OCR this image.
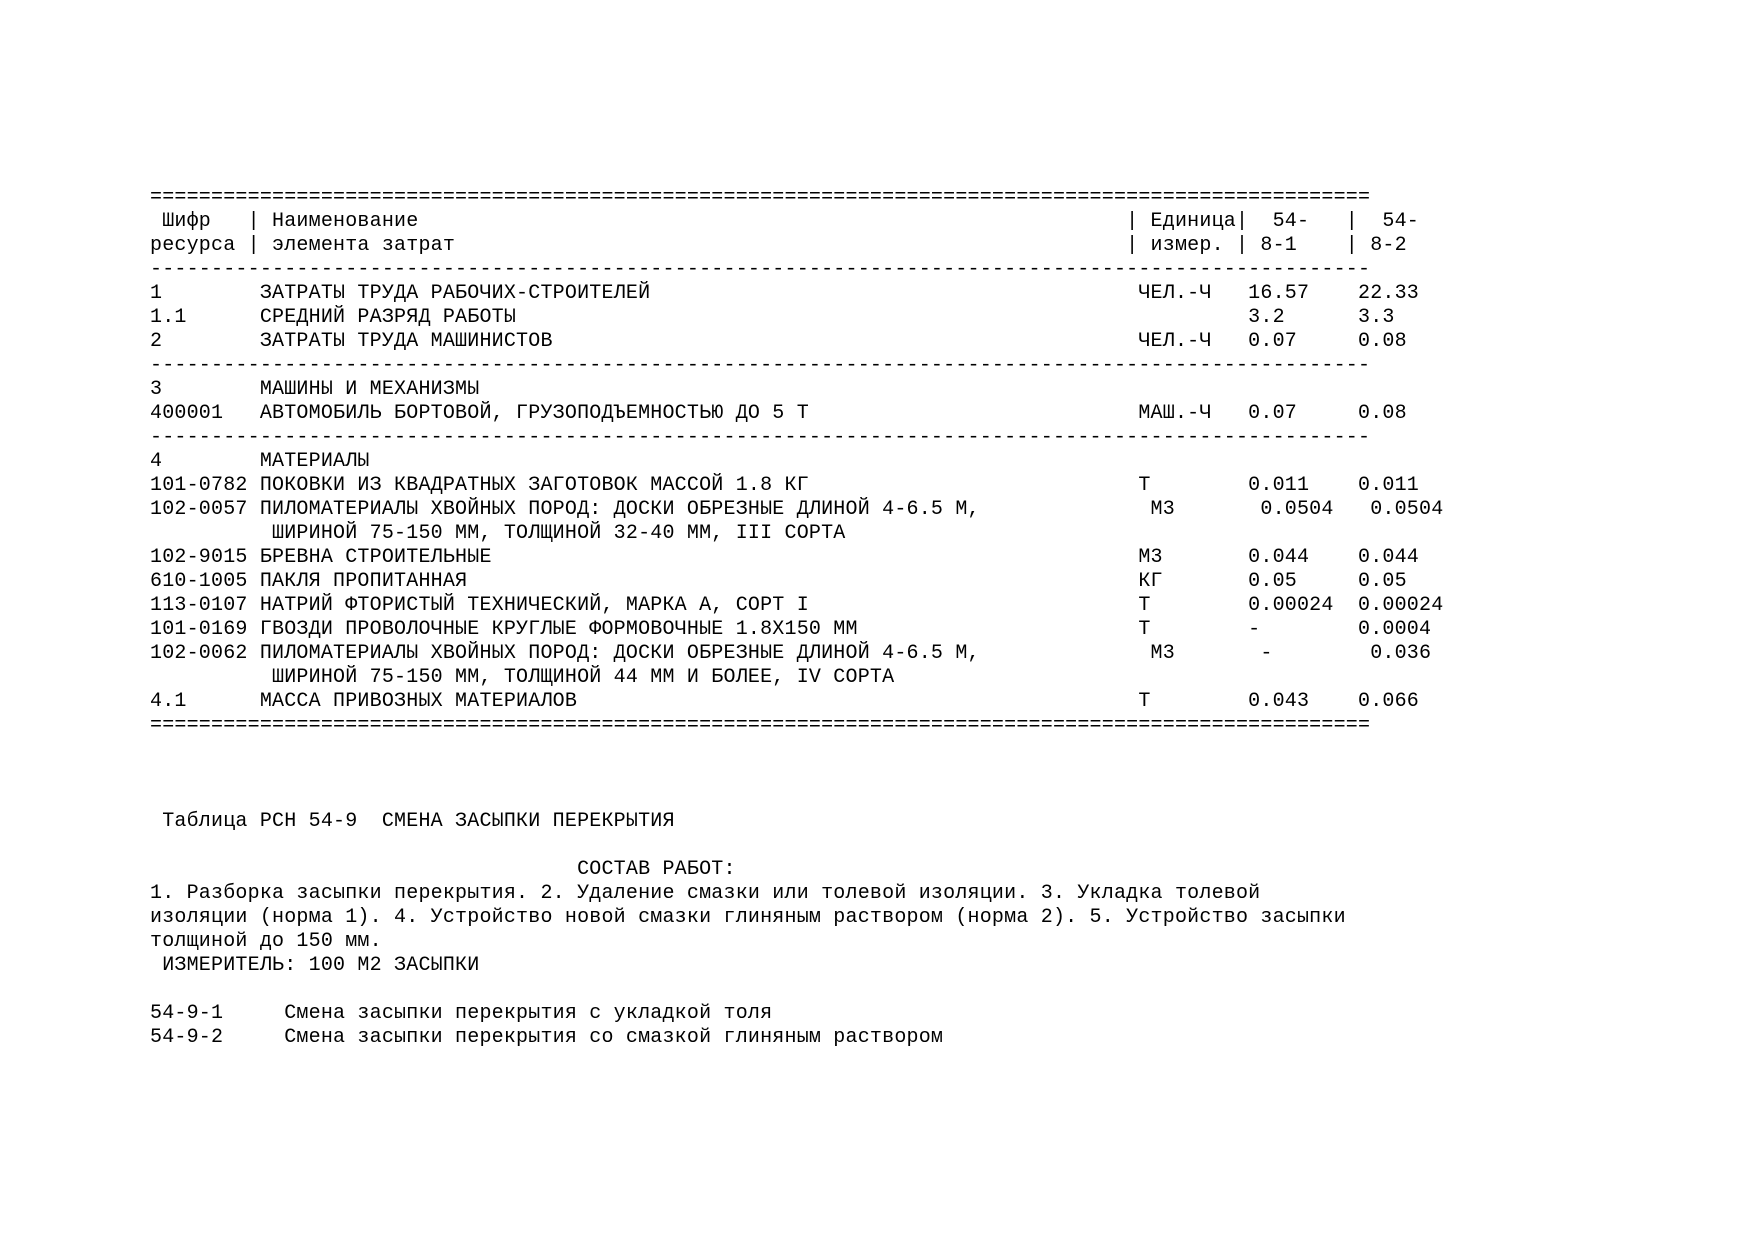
====================================================================================================
Шифр   | Наименование                                                          | Единица|  54-   |  54-
ресурса | элемента затрат                                                       | измер. | 8-1    | 8-2
----------------------------------------------------------------------------------------------------
1        ЗАТРАТЫ ТРУДА РАБОЧИХ-СТРОИТЕЛЕЙ                                        ЧЕЛ.-Ч   16.57    22.33
1.1      СРЕДНИЙ РАЗРЯД РАБОТЫ                                                            3.2      3.3
2        ЗАТРАТЫ ТРУДА МАШИНИСТОВ                                                ЧЕЛ.-Ч   0.07     0.08
----------------------------------------------------------------------------------------------------
3        МАШИНЫ И МЕХАНИЗМЫ
400001   АВТОМОБИЛЬ БОРТОВОЙ, ГРУЗОПОДЪЕМНОСТЬЮ ДО 5 Т                           МАШ.-Ч   0.07     0.08
----------------------------------------------------------------------------------------------------
4        МАТЕРИАЛЫ
101-0782 ПОКОВКИ ИЗ КВАДРАТНЫХ ЗАГОТОВОК МАССОЙ 1.8 КГ                           Т        0.011    0.011
102-0057 ПИЛОМАТЕРИАЛЫ ХВОЙНЫХ ПОРОД: ДОСКИ ОБРЕЗНЫЕ ДЛИНОЙ 4-6.5 М,              М3       0.0504   0.0504
ШИРИНОЙ 75-150 ММ, ТОЛЩИНОЙ 32-40 ММ, III СОРТА
102-9015 БРЕВНА СТРОИТЕЛЬНЫЕ                                                     М3       0.044    0.044
610-1005 ПАКЛЯ ПРОПИТАННАЯ                                                       КГ       0.05     0.05
113-0107 НАТРИЙ ФТОРИСТЫЙ ТЕХНИЧЕСКИЙ, МАРКА А, СОРТ I                           Т        0.00024  0.00024
101-0169 ГВОЗДИ ПРОВОЛОЧНЫЕ КРУГЛЫЕ ФОРМОВОЧНЫЕ 1.8Х150 ММ                       Т        -        0.0004
102-0062 ПИЛОМАТЕРИАЛЫ ХВОЙНЫХ ПОРОД: ДОСКИ ОБРЕЗНЫЕ ДЛИНОЙ 4-6.5 М,              М3       -        0.036
ШИРИНОЙ 75-150 ММ, ТОЛЩИНОЙ 44 ММ И БОЛЕЕ, IV СОРТА
4.1      МАССА ПРИВОЗНЫХ МАТЕРИАЛОВ                                              Т        0.043    0.066
====================================================================================================
Таблица РСН 54-9  СМЕНА ЗАСЫПКИ ПЕРЕКРЫТИЯ
СОСТАВ РАБОТ:
1. Разборка засыпки перекрытия. 2. Удаление смазки или толевой изоляции. 3. Укладка толевой
изоляции (норма 1). 4. Устройство новой смазки глиняным раствором (норма 2). 5. Устройство засыпки
толщиной до 150 мм.
ИЗМЕРИТЕЛЬ: 100 М2 ЗАСЫПКИ
54-9-1     Смена засыпки перекрытия с укладкой толя
54-9-2     Смена засыпки перекрытия со смазкой глиняным раствором
